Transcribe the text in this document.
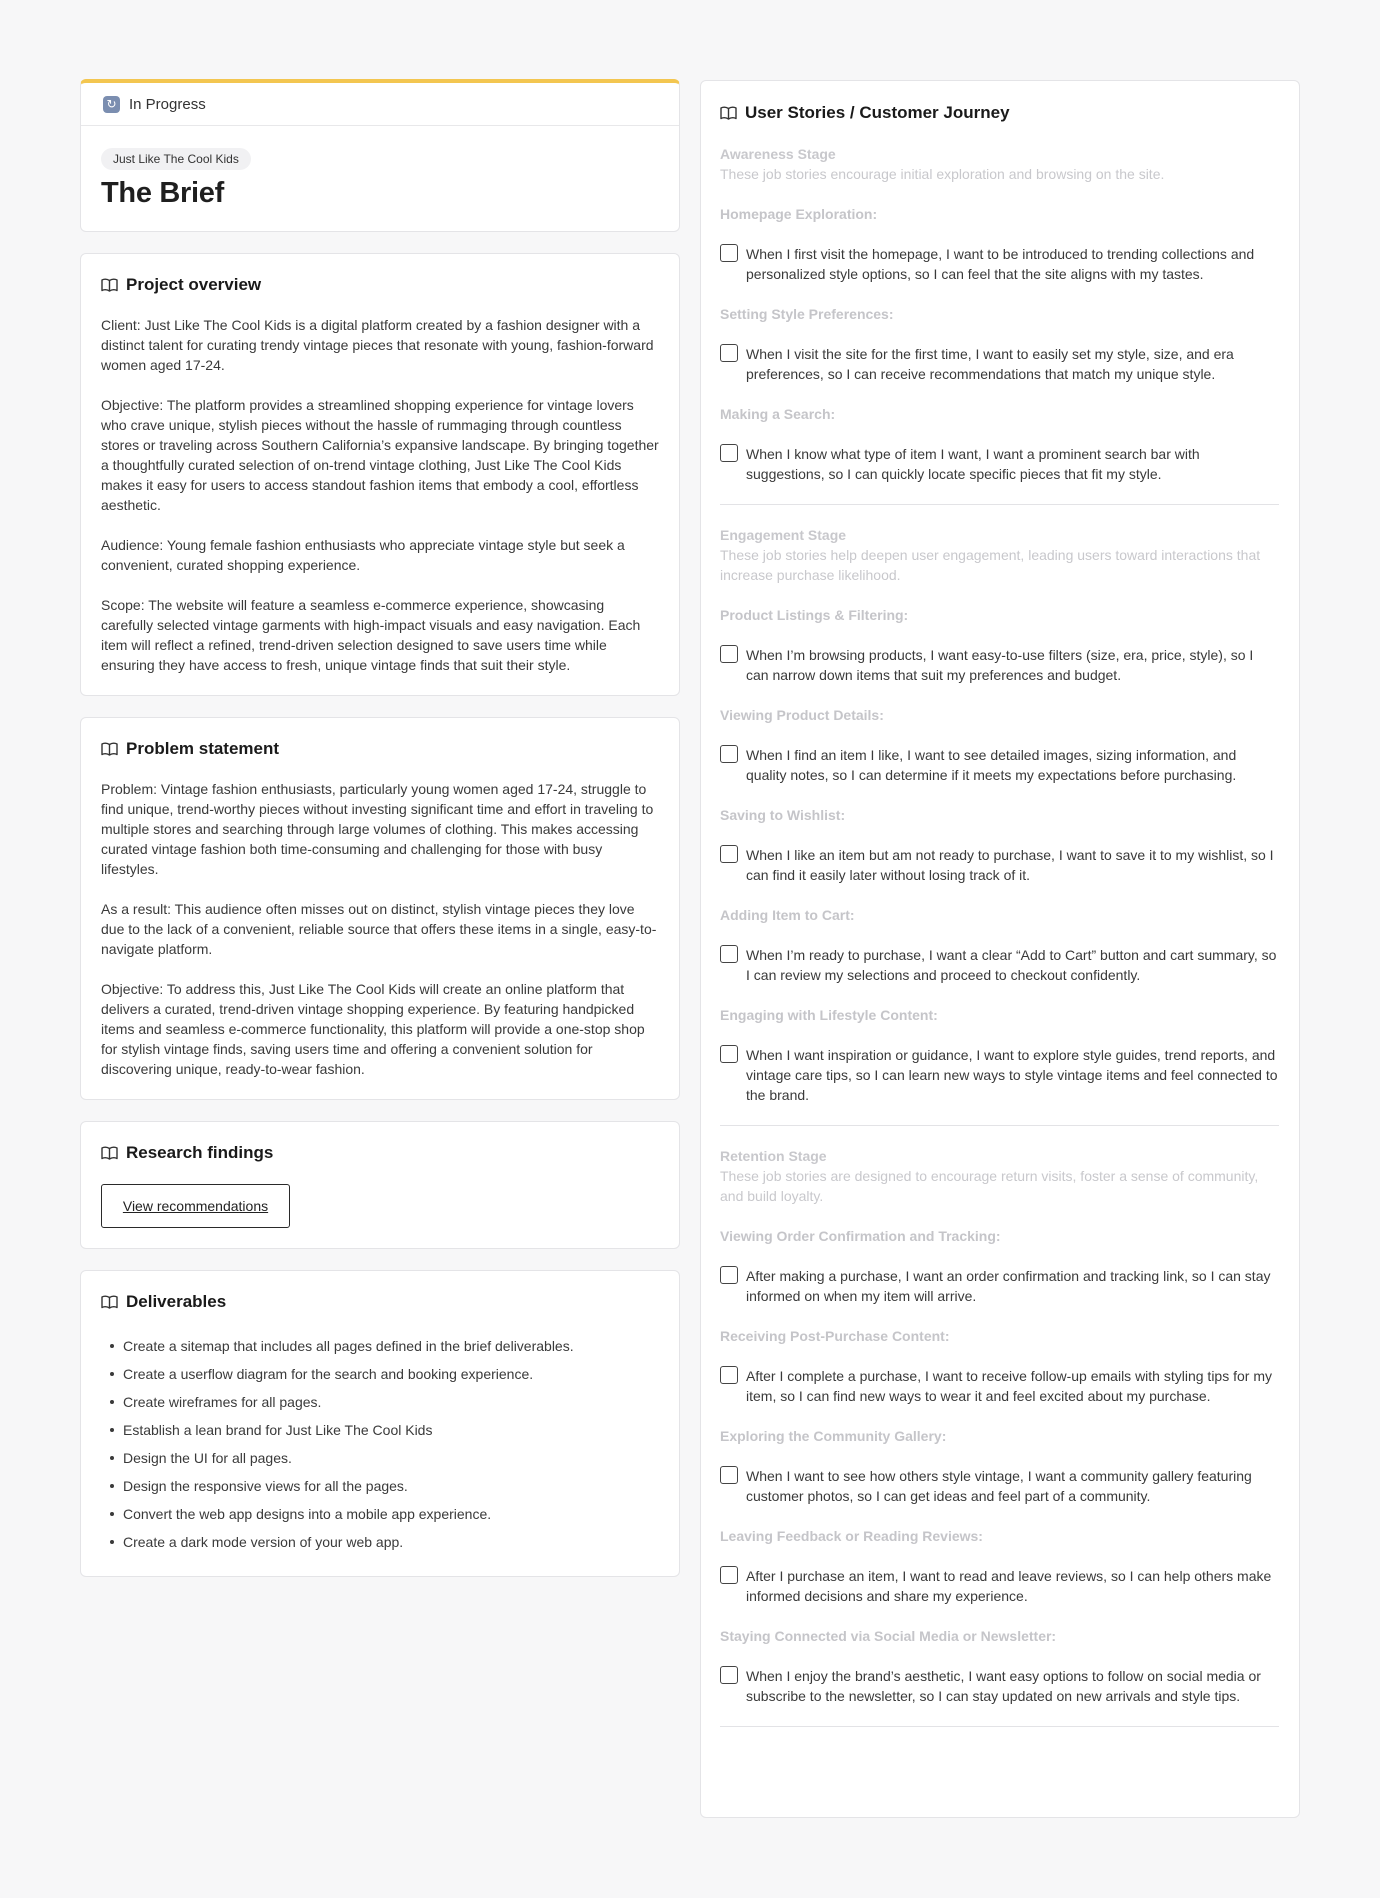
↻ In Progress
Just Like The Cool Kids
The Brief
Project overview

Client: Just Like The Cool Kids is a digital platform created by a fashion designer with a distinct talent for curating trendy vintage pieces that resonate with young, fashion-forward women aged 17-24.

Objective: The platform provides a streamlined shopping experience for vintage lovers who crave unique, stylish pieces without the hassle of rummaging through countless stores or traveling across Southern California’s expansive landscape. By bringing together a thoughtfully curated selection of on-trend vintage clothing, Just Like The Cool Kids makes it easy for users to access standout fashion items that embody a cool, effortless aesthetic.

Audience: Young female fashion enthusiasts who appreciate vintage style but seek a convenient, curated shopping experience.

Scope: The website will feature a seamless e-commerce experience, showcasing carefully selected vintage garments with high-impact visuals and easy navigation. Each item will reflect a refined, trend-driven selection designed to save users time while ensuring they have access to fresh, unique vintage finds that suit their style.

Problem statement

Problem: Vintage fashion enthusiasts, particularly young women aged 17-24, struggle to find unique, trend-worthy pieces without investing significant time and effort in traveling to multiple stores and searching through large volumes of clothing. This makes accessing curated vintage fashion both time-consuming and challenging for those with busy lifestyles.

As a result: This audience often misses out on distinct, stylish vintage pieces they love due to the lack of a convenient, reliable source that offers these items in a single, easy-to-navigate platform.

Objective: To address this, Just Like The Cool Kids will create an online platform that delivers a curated, trend-driven vintage shopping experience. By featuring handpicked items and seamless e-commerce functionality, this platform will provide a one-stop shop for stylish vintage finds, saving users time and offering a convenient solution for discovering unique, ready-to-wear fashion.

Research findings
View recommendations
Deliverables
Create a sitemap that includes all pages defined in the brief deliverables.
Create a userflow diagram for the search and booking experience.
Create wireframes for all pages.
Establish a lean brand for Just Like The Cool Kids
Design the UI for all pages.
Design the responsive views for all the pages.
Convert the web app designs into a mobile app experience.
Create a dark mode version of your web app.
User Stories / Customer Journey
Awareness Stage
These job stories encourage initial exploration and browsing on the site.
Homepage Exploration:
When I first visit the homepage, I want to be introduced to trending collections and personalized style options, so I can feel that the site aligns with my tastes.
Setting Style Preferences:
When I visit the site for the first time, I want to easily set my style, size, and era preferences, so I can receive recommendations that match my unique style.
Making a Search:
When I know what type of item I want, I want a prominent search bar with suggestions, so I can quickly locate specific pieces that fit my style.
Engagement Stage
These job stories help deepen user engagement, leading users toward interactions that increase purchase likelihood.
Product Listings & Filtering:
When I’m browsing products, I want easy-to-use filters (size, era, price, style), so I can narrow down items that suit my preferences and budget.
Viewing Product Details:
When I find an item I like, I want to see detailed images, sizing information, and quality notes, so I can determine if it meets my expectations before purchasing.
Saving to Wishlist:
When I like an item but am not ready to purchase, I want to save it to my wishlist, so I can find it easily later without losing track of it.
Adding Item to Cart:
When I’m ready to purchase, I want a clear “Add to Cart” button and cart summary, so I can review my selections and proceed to checkout confidently.
Engaging with Lifestyle Content:
When I want inspiration or guidance, I want to explore style guides, trend reports, and vintage care tips, so I can learn new ways to style vintage items and feel connected to the brand.
Retention Stage
These job stories are designed to encourage return visits, foster a sense of community, and build loyalty.
Viewing Order Confirmation and Tracking:
After making a purchase, I want an order confirmation and tracking link, so I can stay informed on when my item will arrive.
Receiving Post-Purchase Content:
After I complete a purchase, I want to receive follow-up emails with styling tips for my item, so I can find new ways to wear it and feel excited about my purchase.
Exploring the Community Gallery:
When I want to see how others style vintage, I want a community gallery featuring customer photos, so I can get ideas and feel part of a community.
Leaving Feedback or Reading Reviews:
After I purchase an item, I want to read and leave reviews, so I can help others make informed decisions and share my experience.
Staying Connected via Social Media or Newsletter:
When I enjoy the brand’s aesthetic, I want easy options to follow on social media or subscribe to the newsletter, so I can stay updated on new arrivals and style tips.
